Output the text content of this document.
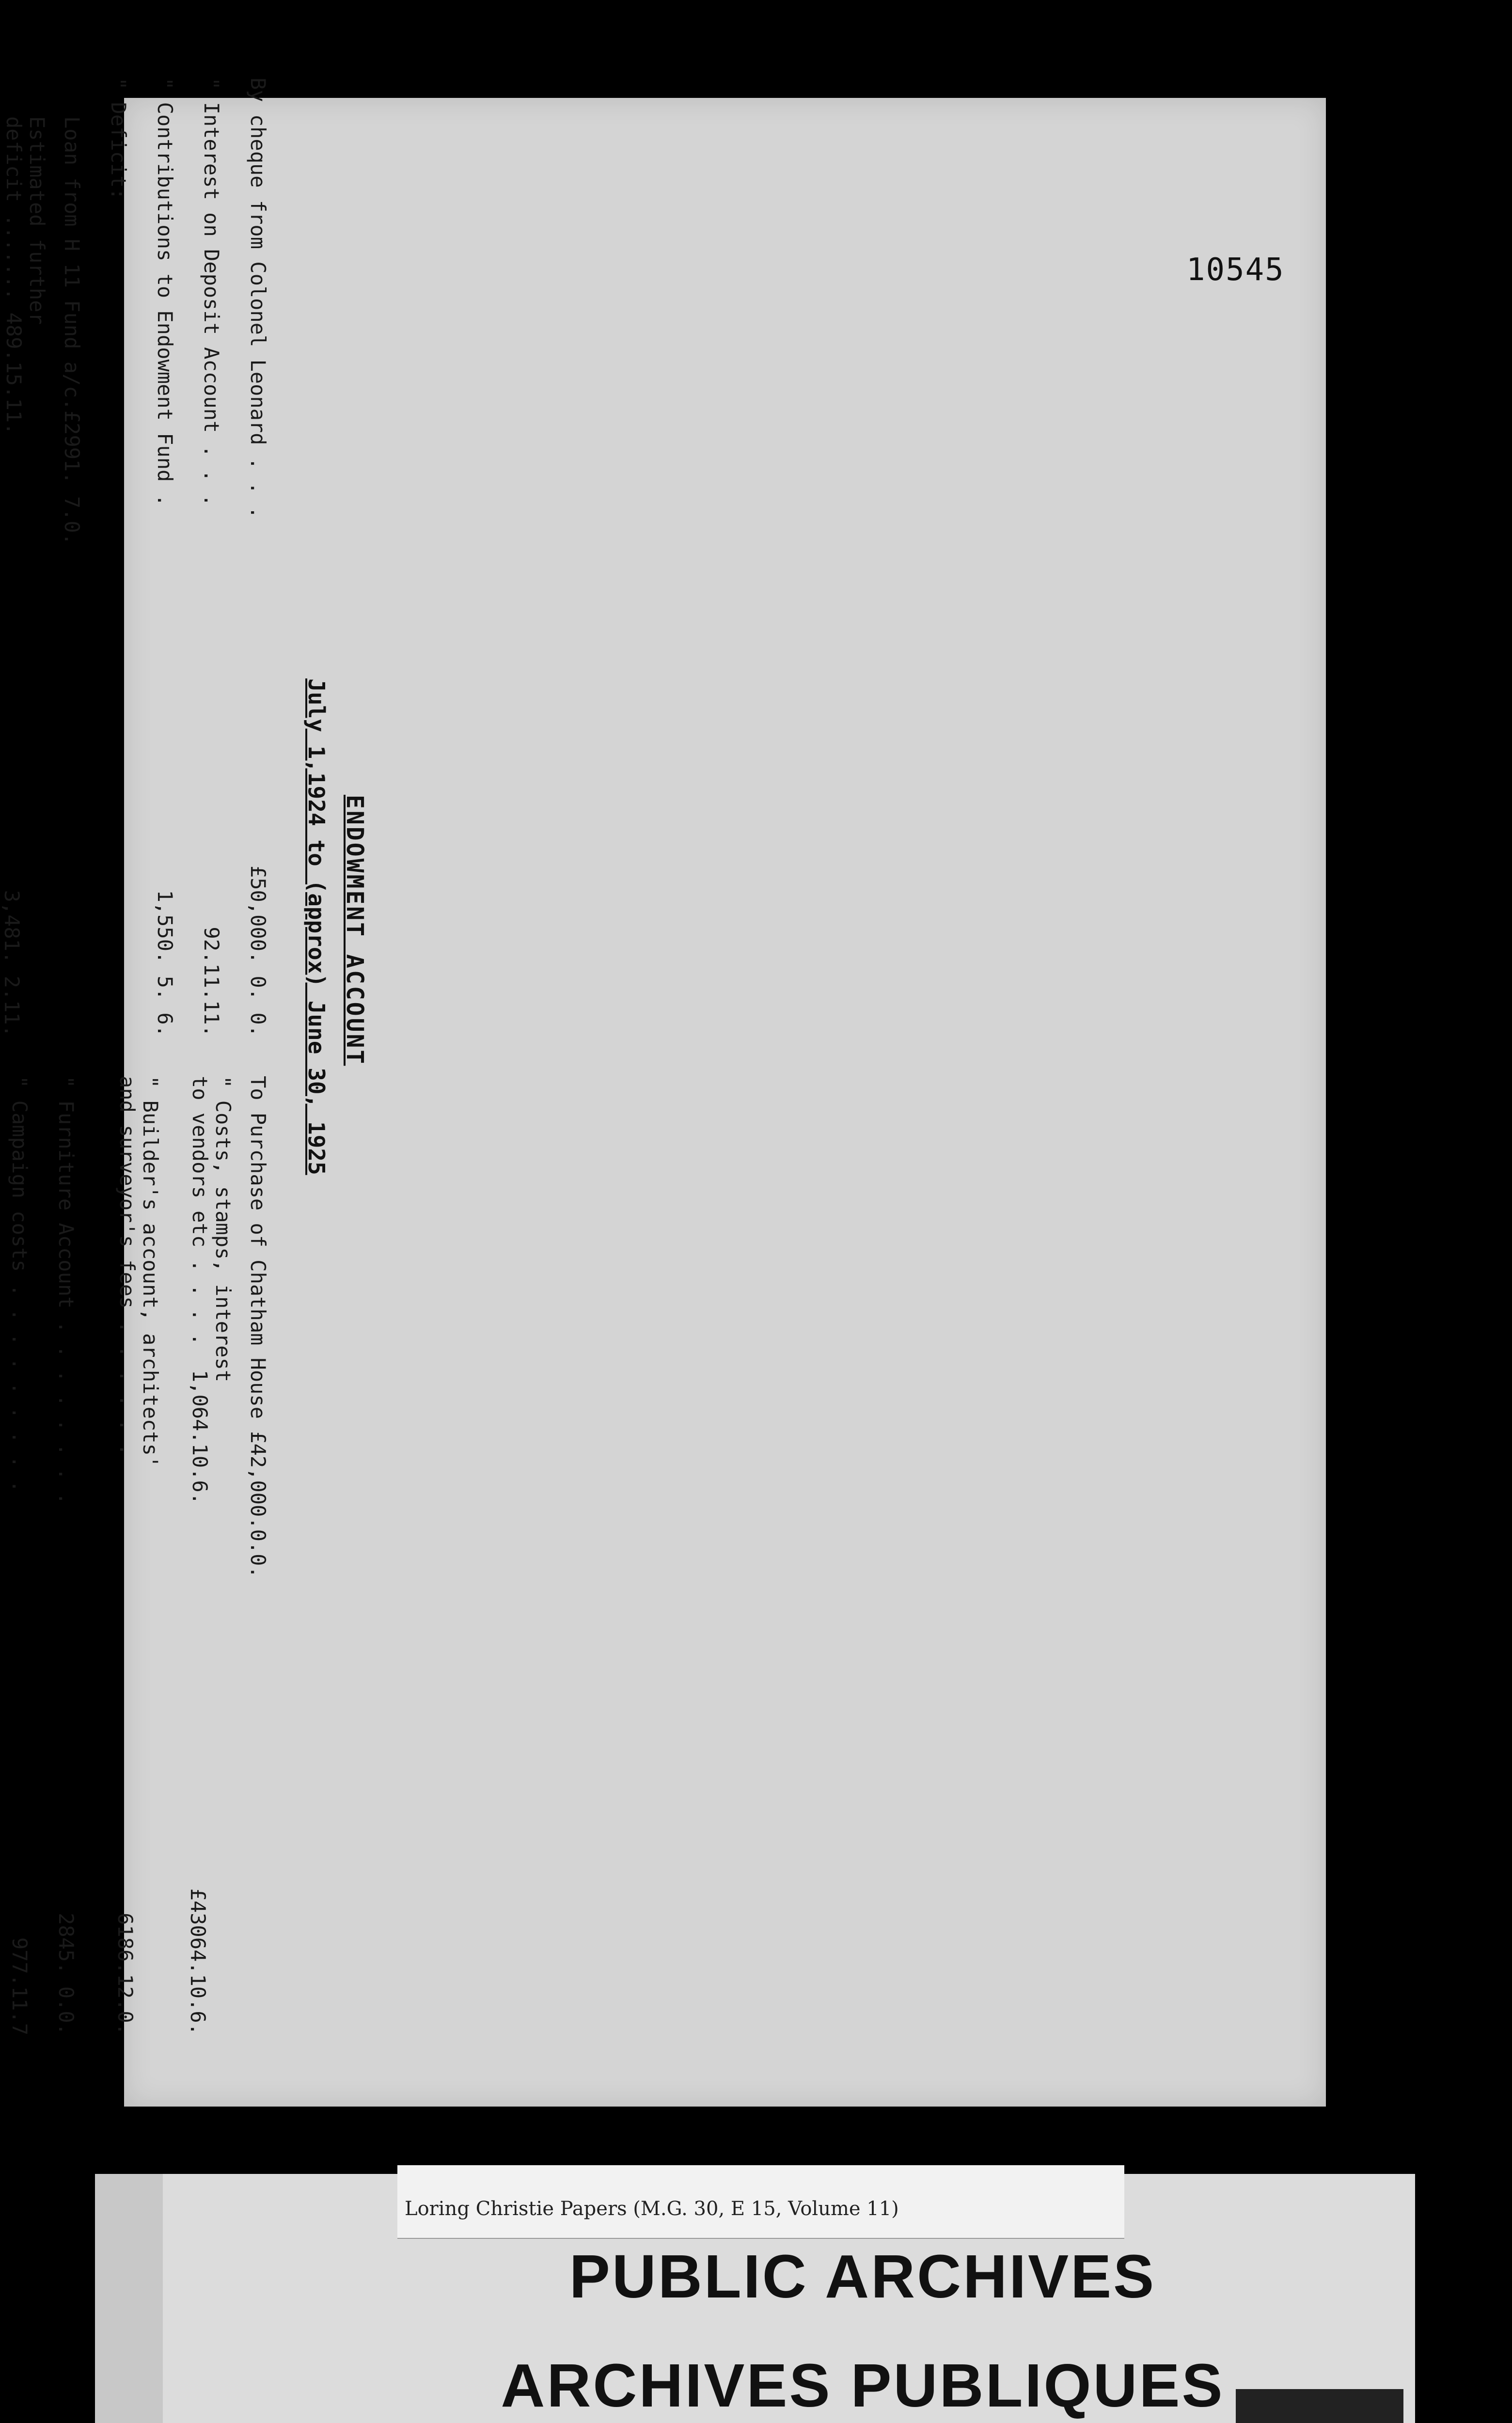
10545
ENDOWMENT ACCOUNT
July 1,1924 to (approx) June 30, 1925
By cheque from Colonel Leonard . . .
£50,000. 0. 0.
" Interest on Deposit Account . . .
92.11.11.
" Contributions to Endowment Fund .
1,550. 5. 6.
" Deficit:
Loan from H 11 Fund a/c.£2991. 7.0.
Estimated further
deficit ....... 489.15.11.
3,481. 2.11.
To Purchase of Chatham House £42,000.0.0.
" Costs, stamps, interest
to vendors etc . . . .  1,064.10.6.
£43064.10.6.
" Builder's account, architects'
and surveyor's fees . . . . . .
6186.12.0.
" Furniture Account . . . . . . . .
2845. 0.0.
" Campaign costs . . . . . . . . .
977.11.7
Loring Christie Papers (M.G. 30, E 15, Volume 11)
PUBLIC ARCHIVES
ARCHIVES PUBLIQUES
